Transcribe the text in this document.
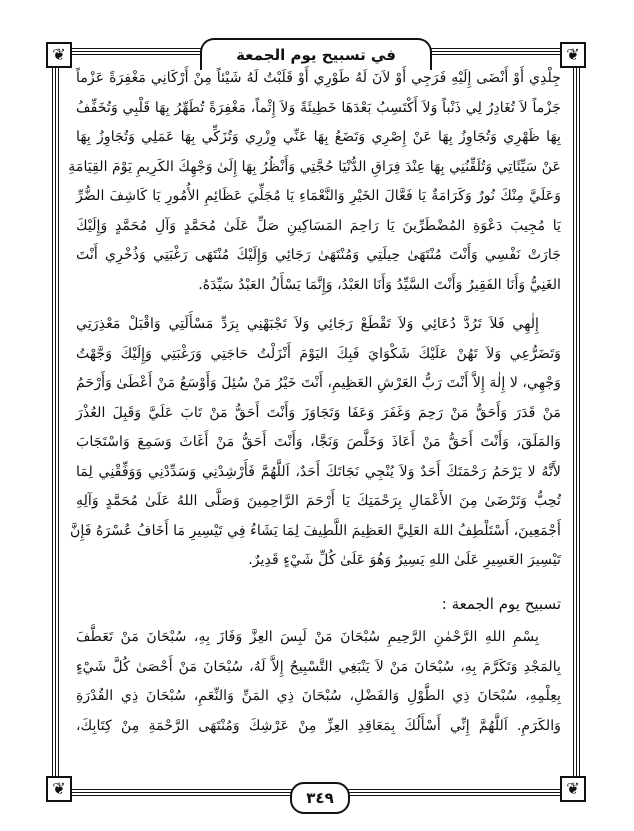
❦	❦
❦	❦
في تسبيح يوم الجمعة
جِلْدِي أَوْ أَنْضَى إِلَيْهِ فَرَجِي أَوْ لاَنَ لَهُ طَوْرِي أَوْ قَلَبْتُ لَهُ شَيْئاً مِنْ أَرْكَانِي مَغْفِرَةً عَزْماً
جَزْماً لاَ تُغَادِرُ لِي ذَنْباً وَلاَ أَكْتَسِبُ بَعْدَهَا خَطِيئَةً وَلاَ إِثْماً، مَغْفِرَةً تُطَهِّرُ بِهَا قَلْبِي وَتُخَفِّفُ
بِهَا ظَهْرِي وَتُجَاوِزُ بِهَا عَنْ إِصْرِي وَتَضَعُ بِهَا عَنِّي وِزْرِي وَتُزَكِّي بِهَا عَمَلِي وَتُجَاوِزُ بِهَا
عَنْ سَيِّئَاتِي وَتُلَقِّنُنِي بِهَا عِنْدَ فِرَاقِ الدُّنْيَا حُجَّتِي وَأَنْظُرُ بِهَا إِلَىٰ وَجْهِكَ الكَرِيمِ يَوْمَ القِيَامَةِ
وَعَلَيَّ مِنْكَ نُورٌ وَكَرَامَةٌ يَا فَعَّالَ الخَيْرِ وَالنَّعْمَاءِ يَا مُجَلِّيَ عَظَائِمِ الأُمُورِ يَا كَاشِفَ الضُّرِّ
يَا مُجِيبَ دَعْوَةِ المُضْطَرِّينَ يَا رَاحِمَ المَسَاكِينِ صَلِّ عَلَىٰ مُحَمَّدٍ وَآلِ مُحَمَّدٍ وَإِلَيْكَ
جَارَتْ نَفْسِي وَأَنْتَ مُنْتَهَىٰ حِيلَتِي وَمُنْتَهَىٰ رَجَائِي وَإِلَيْكَ مُنْتَهَى رَغْبَتِي وَذُخْرِي أَنْتَ
الغَنِيُّ وَأَنَا الفَقِيرُ وَأَنْتَ السَّيِّدُ وَأَنَا العَبْدُ، وَإِنَّمَا يَسْأَلُ العَبْدُ سَيِّدَهُ.
إِلٰهِي فَلاَ تَرُدَّ دُعَائِي وَلاَ تَقْطَعْ رَجَائِي وَلاَ تَجْبَهْنِي بِرَدِّ مَسْأَلَتِي وَاقْبَلْ مَعْذِرَتِي
وَتَضَرُّعِي وَلاَ تَهُنْ عَلَيْكَ شَكْوَايَ فَبِكَ اليَوْمَ أَنْزَلْتُ حَاجَتِي وَرَغْبَتِي وَإِلَيْكَ وَجَّهْتُ
وَجْهِي، لا إِلٰهَ إِلاَّ أَنْتَ رَبُّ العَرْشِ العَظِيمِ، أَنْتَ خَيْرُ مَنْ سُئِلَ وَأَوْسَعُ مَنْ أَعْطَىٰ وَأَرْحَمُ
مَنْ قَدَرَ وَأَحَقُّ مَنْ رَحِمَ وَغَفَرَ وَعَفَا وَتَجَاوَزَ وَأَنْتَ أَحَقُّ مَنْ تَابَ عَلَيَّ وَقَبِلَ العُذْرَ
وَالمَلَقَ، وَأَنْتَ أَحَقُّ مَنْ أَعَاذَ وَخَلَّصَ وَنَجَّا، وَأَنْتَ أَحَقُّ مَنْ أَغَاثَ وَسَمِعَ وَاسْتَجَابَ
لأَنَّهُ لا يَرْحَمُ رَحْمَتَكَ أَحَدٌ وَلاَ يُنْجِي نَجَاتَكَ أَحَدٌ، اَللَّهُمَّ فَأَرْشِدْنِي وَسَدِّدْنِي وَوَفِّقْنِي لِمَا
تُحِبُّ وَتَرْضَىٰ مِنَ الأَعْمَالِ بِرَحْمَتِكَ يَا أَرْحَمَ الرَّاحِمِينَ وَصَلَّى اللهُ عَلَىٰ مُحَمَّدٍ وَآلِهِ
أَجْمَعِينَ، أَسْتَلْطِفُ اللهَ العَلِيَّ العَظِيمَ اللَّطِيفَ لِمَا يَشَاءُ فِي تَيْسِيرِ مَا أَخَافُ عُسْرَهُ فَإِنَّ
تَيْسِيرَ العَسِيرِ عَلَىٰ اللهِ يَسِيرٌ وَهُوَ عَلَىٰ كُلِّ شَيْءٍ قَدِيرٌ.
تسبيح يوم الجمعة :
بِسْمِ اللهِ الرَّحْمٰنِ الرَّحِيمِ سُبْحَانَ مَنْ لَبِسَ العِزَّ وَفَازَ بِهِ، سُبْحَانَ مَنْ تَعَطَّفَ
بِالمَجْدِ وَتَكَرَّمَ بِهِ، سُبْحَانَ مَنْ لاَ يَنْبَغِي التَّسْبِيحُ إِلاَّ لَهُ، سُبْحَانَ مَنْ أَحْصَىٰ كُلَّ شَيْءٍ
بِعِلْمِهِ، سُبْحَانَ ذِي الطَّوْلِ وَالفَضْلِ، سُبْحَانَ ذِي المَنِّ وَالنِّعَمِ، سُبْحَانَ ذِي القُدْرَةِ
وَالكَرَمِ. اَللَّهُمَّ إِنِّي أَسْأَلُكَ بِمَعَاقِدِ العِزِّ مِنْ عَرْشِكَ وَمُنْتَهَى الرَّحْمَةِ مِنْ كِتَابِكَ،
٣٤٩
